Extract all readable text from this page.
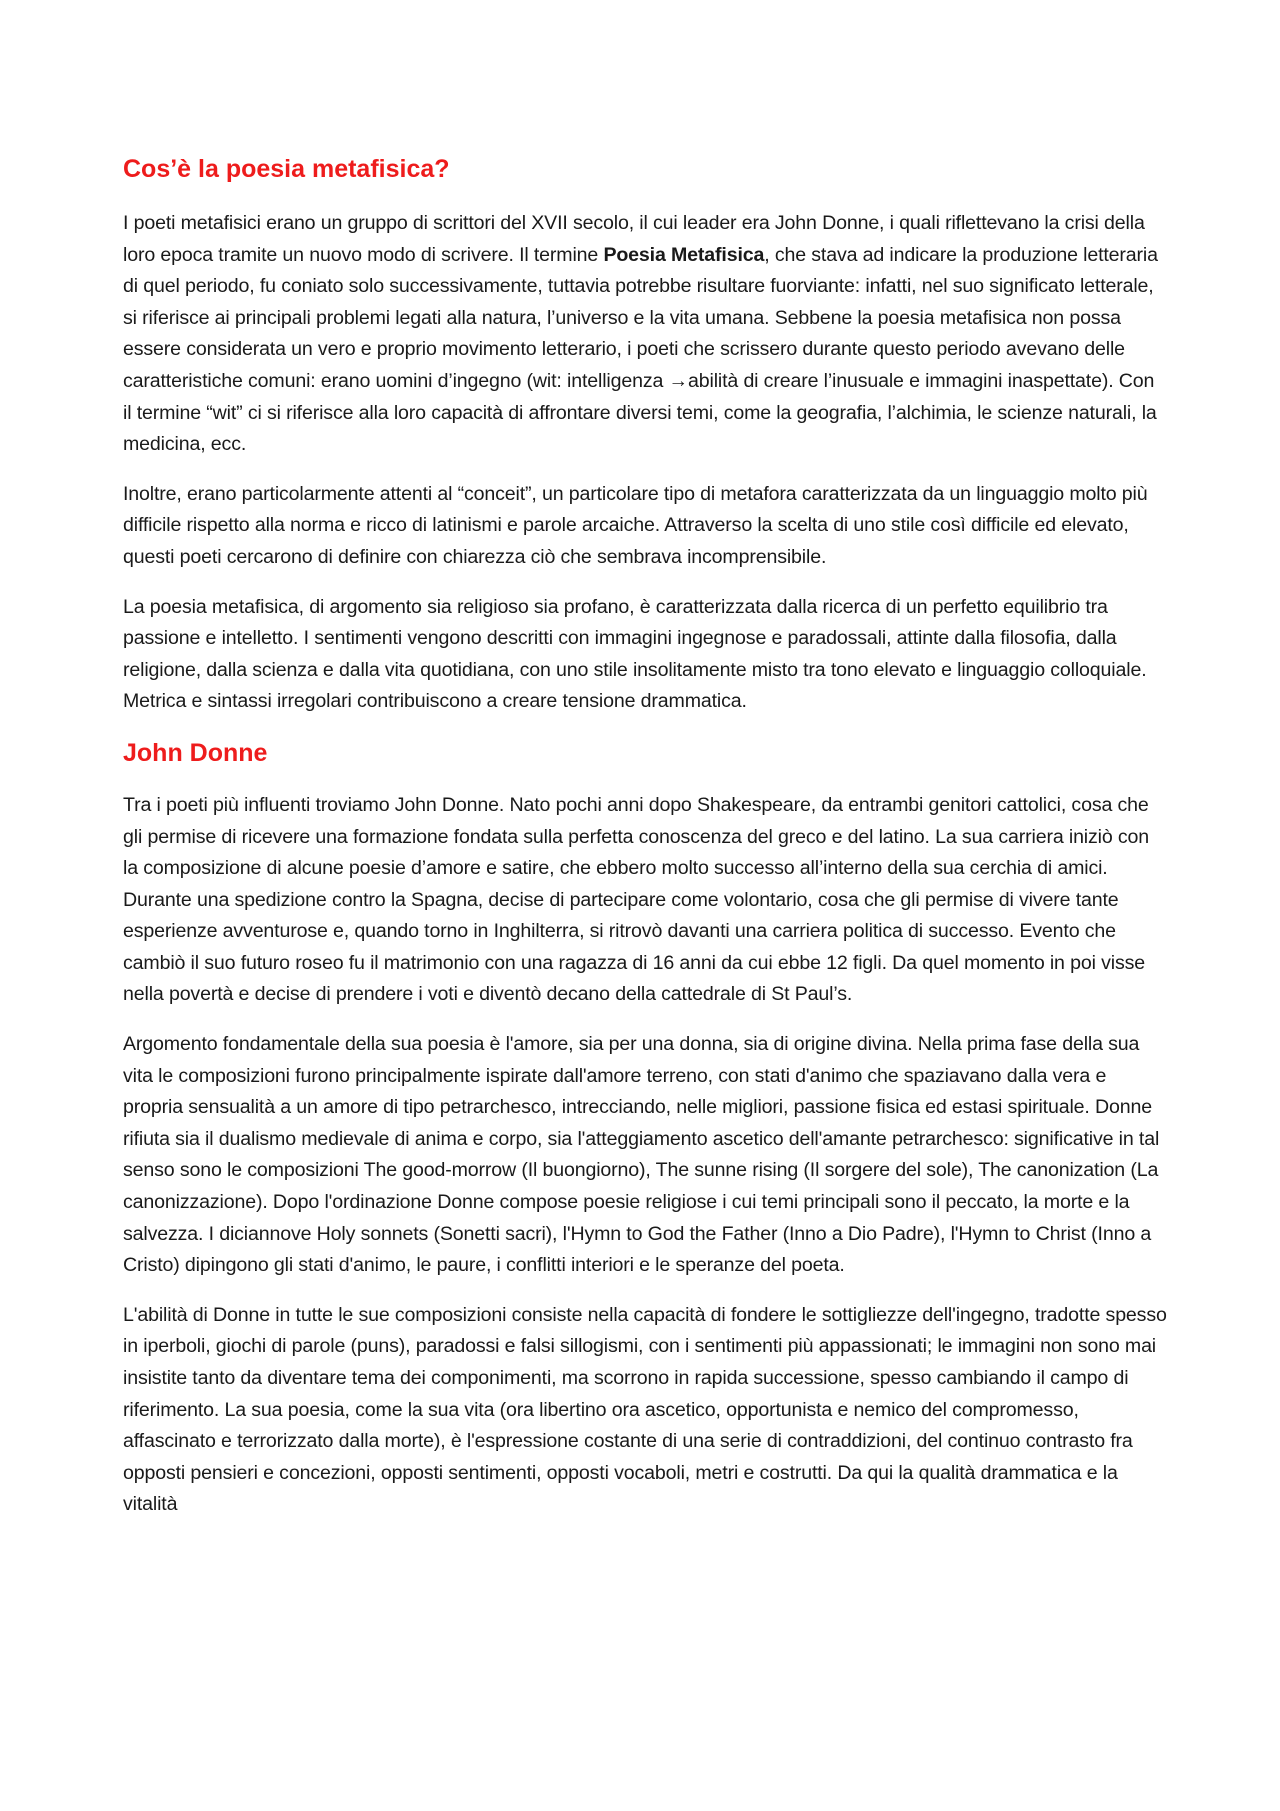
Cos’è la poesia metafisica?

I poeti metafisici erano un gruppo di scrittori del XVII secolo, il cui leader era John Donne, i quali riflettevano la crisi della loro epoca tramite un nuovo modo di scrivere. Il termine Poesia Metafisica, che stava ad indicare la produzione letteraria di quel periodo, fu coniato solo successivamente, tuttavia potrebbe risultare fuorviante: infatti, nel suo significato letterale, si riferisce ai principali problemi legati alla natura, l’universo e la vita umana. Sebbene la poesia metafisica non possa essere considerata un vero e proprio movimento letterario, i poeti che scrissero durante questo periodo avevano delle caratteristiche comuni: erano uomini d’ingegno (wit: intelligenza →abilità di creare l’inusuale e immagini inaspettate). Con il termine “wit” ci si riferisce alla loro capacità di affrontare diversi temi, come la geografia, l’alchimia, le scienze naturali, la medicina, ecc.

Inoltre, erano particolarmente attenti al “conceit”, un particolare tipo di metafora caratterizzata da un linguaggio molto più difficile rispetto alla norma e ricco di latinismi e parole arcaiche. Attraverso la scelta di uno stile così difficile ed elevato, questi poeti cercarono di definire con chiarezza ciò che sembrava incomprensibile.

La poesia metafisica, di argomento sia religioso sia profano, è caratterizzata dalla ricerca di un perfetto equilibrio tra passione e intelletto. I sentimenti vengono descritti con immagini ingegnose e paradossali, attinte dalla filosofia, dalla religione, dalla scienza e dalla vita quotidiana, con uno stile insolitamente misto tra tono elevato e linguaggio colloquiale. Metrica e sintassi irregolari contribuiscono a creare tensione drammatica.

John Donne

Tra i poeti più influenti troviamo John Donne. Nato pochi anni dopo Shakespeare, da entrambi genitori cattolici, cosa che gli permise di ricevere una formazione fondata sulla perfetta conoscenza del greco e del latino. La sua carriera iniziò con la composizione di alcune poesie d’amore e satire, che ebbero molto successo all’interno della sua cerchia di amici. Durante una spedizione contro la Spagna, decise di partecipare come volontario, cosa che gli permise di vivere tante esperienze avventurose e, quando torno in Inghilterra, si ritrovò davanti una carriera politica di successo. Evento che cambiò il suo futuro roseo fu il matrimonio con una ragazza di 16 anni da cui ebbe 12 figli. Da quel momento in poi visse nella povertà e decise di prendere i voti e diventò decano della cattedrale di St Paul’s.

Argomento fondamentale della sua poesia è l'amore, sia per una donna, sia di origine divina. Nella prima fase della sua vita le composizioni furono principalmente ispirate dall'amore terreno, con stati d'animo che spaziavano dalla vera e propria sensualità a un amore di tipo petrarchesco, intrecciando, nelle migliori, passione fisica ed estasi spirituale. Donne rifiuta sia il dualismo medievale di anima e corpo, sia l'atteggiamento ascetico dell'amante petrarchesco: significative in tal senso sono le composizioni The good-morrow (Il buongiorno), The sunne rising (Il sorgere del sole), The canonization (La canonizzazione). Dopo l'ordinazione Donne compose poesie religiose i cui temi principali sono il peccato, la morte e la salvezza. I diciannove Holy sonnets (Sonetti sacri), l'Hymn to God the Father (Inno a Dio Padre), l'Hymn to Christ (Inno a Cristo) dipingono gli stati d'animo, le paure, i conflitti interiori e le speranze del poeta.

L'abilità di Donne in tutte le sue composizioni consiste nella capacità di fondere le sottigliezze dell'ingegno, tradotte spesso in iperboli, giochi di parole (puns), paradossi e falsi sillogismi, con i sentimenti più appassionati; le immagini non sono mai insistite tanto da diventare tema dei componimenti, ma scorrono in rapida successione, spesso cambiando il campo di riferimento. La sua poesia, come la sua vita (ora libertino ora ascetico, opportunista e nemico del compromesso, affascinato e terrorizzato dalla morte), è l'espressione costante di una serie di contraddizioni, del continuo contrasto fra opposti pensieri e concezioni, opposti sentimenti, opposti vocaboli, metri e costrutti. Da qui la qualità drammatica e la vitalità
